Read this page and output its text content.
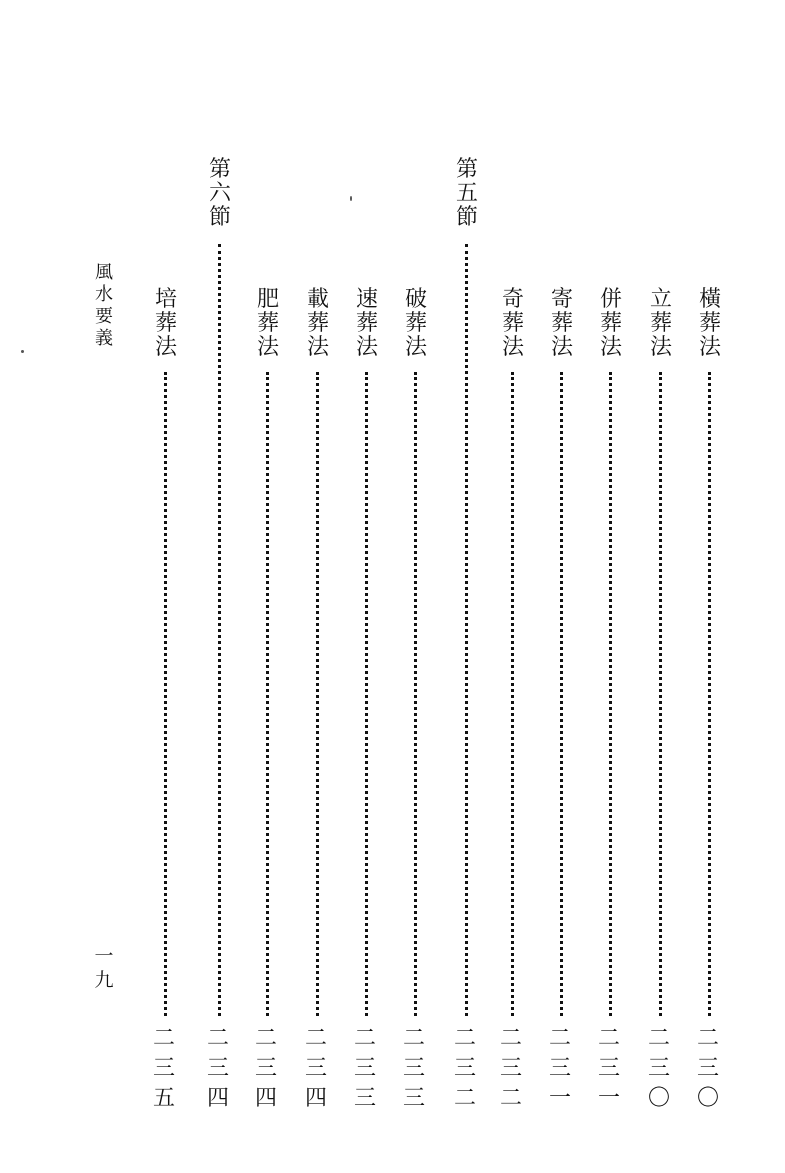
橫葬法
二三〇
立葬法
二三〇
併葬法
二三一
寄葬法
二三一
奇葬法
二三二
第五節
二三二
破葬法
二三三
速葬法
二三三
載葬法
二三四
肥葬法
二三四
第六節
二三四
培葬法
二三五
風水要義
一九
